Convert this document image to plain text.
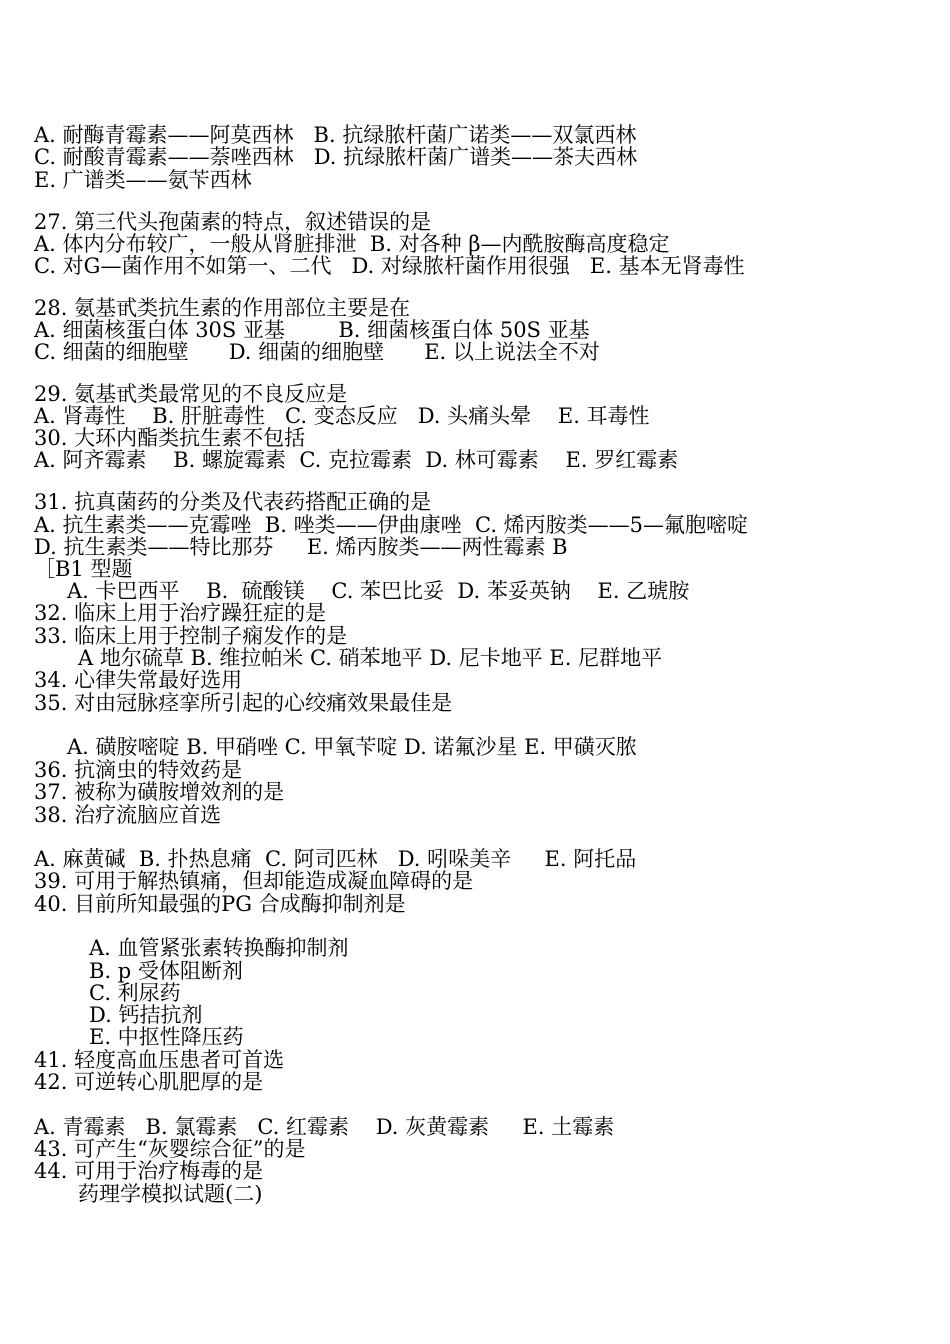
A. 耐酶青霉素——阿莫西林   B. 抗绿脓杆菌广诺类——双氯西林
C. 耐酸青霉素——萘唑西林   D. 抗绿脓杆菌广谱类——茶夫西林
E. 广谱类——氨苄西林
27. 第三代头孢菌素的特点，叙述错误的是
A. 体内分布较广，一般从肾脏排泄  B. 对各种 β—内酰胺酶高度稳定
C. 对G—菌作用不如第一、二代   D. 对绿脓杆菌作用很强   E. 基本无肾毒性
28. 氨基甙类抗生素的作用部位主要是在
A. 细菌核蛋白体 30S 亚基        B. 细菌核蛋白体 50S 亚基
C. 细菌的细胞壁      D. 细菌的细胞壁      E. 以上说法全不对
29. 氨基甙类最常见的不良反应是
A. 肾毒性    B. 肝脏毒性   C. 变态反应   D. 头痛头晕    E. 耳毒性
30. 大环内酯类抗生素不包括
A. 阿齐霉素    B. 螺旋霉素  C. 克拉霉素  D. 林可霉素    E. 罗红霉素
31. 抗真菌药的分类及代表药搭配正确的是
A. 抗生素类——克霉唑  B. 唑类——伊曲康唑  C. 烯丙胺类——5—氟胞嘧啶
D. 抗生素类——特比那芬     E. 烯丙胺类——两性霉素 B
［B1 型题
A. 卡巴西平    B.  硫酸镁    C. 苯巴比妥  D. 苯妥英钠    E. 乙琥胺
32. 临床上用于治疗躁狂症的是
33. 临床上用于控制子痫发作的是
A 地尔硫草 B. 维拉帕米 C. 硝苯地平 D. 尼卡地平 E. 尼群地平
34. 心律失常最好选用
35. 对由冠脉痉挛所引起的心绞痛效果最佳是
A. 磺胺嘧啶 B. 甲硝唑 C. 甲氧苄啶 D. 诺氟沙星 E. 甲磺灭脓
36. 抗滴虫的特效药是
37. 被称为磺胺增效剂的是
38. 治疗流脑应首选
A. 麻黄碱  B. 扑热息痛  C. 阿司匹林   D. 吲哚美辛     E. 阿托品
39. 可用于解热镇痛，但却能造成凝血障碍的是
40. 目前所知最强的PG 合成酶抑制剂是
A. 血管紧张素转换酶抑制剂
B. p 受体阻断剂
C. 利尿药
D. 钙拮抗剂
E. 中抠性降压药
41. 轻度高血压患者可首选
42. 可逆转心肌肥厚的是
A. 青霉素   B. 氯霉素   C. 红霉素    D. 灰黄霉素     E. 土霉素
43. 可产生“灰婴综合征”的是
44. 可用于治疗梅毒的是
药理学模拟试题(二)
